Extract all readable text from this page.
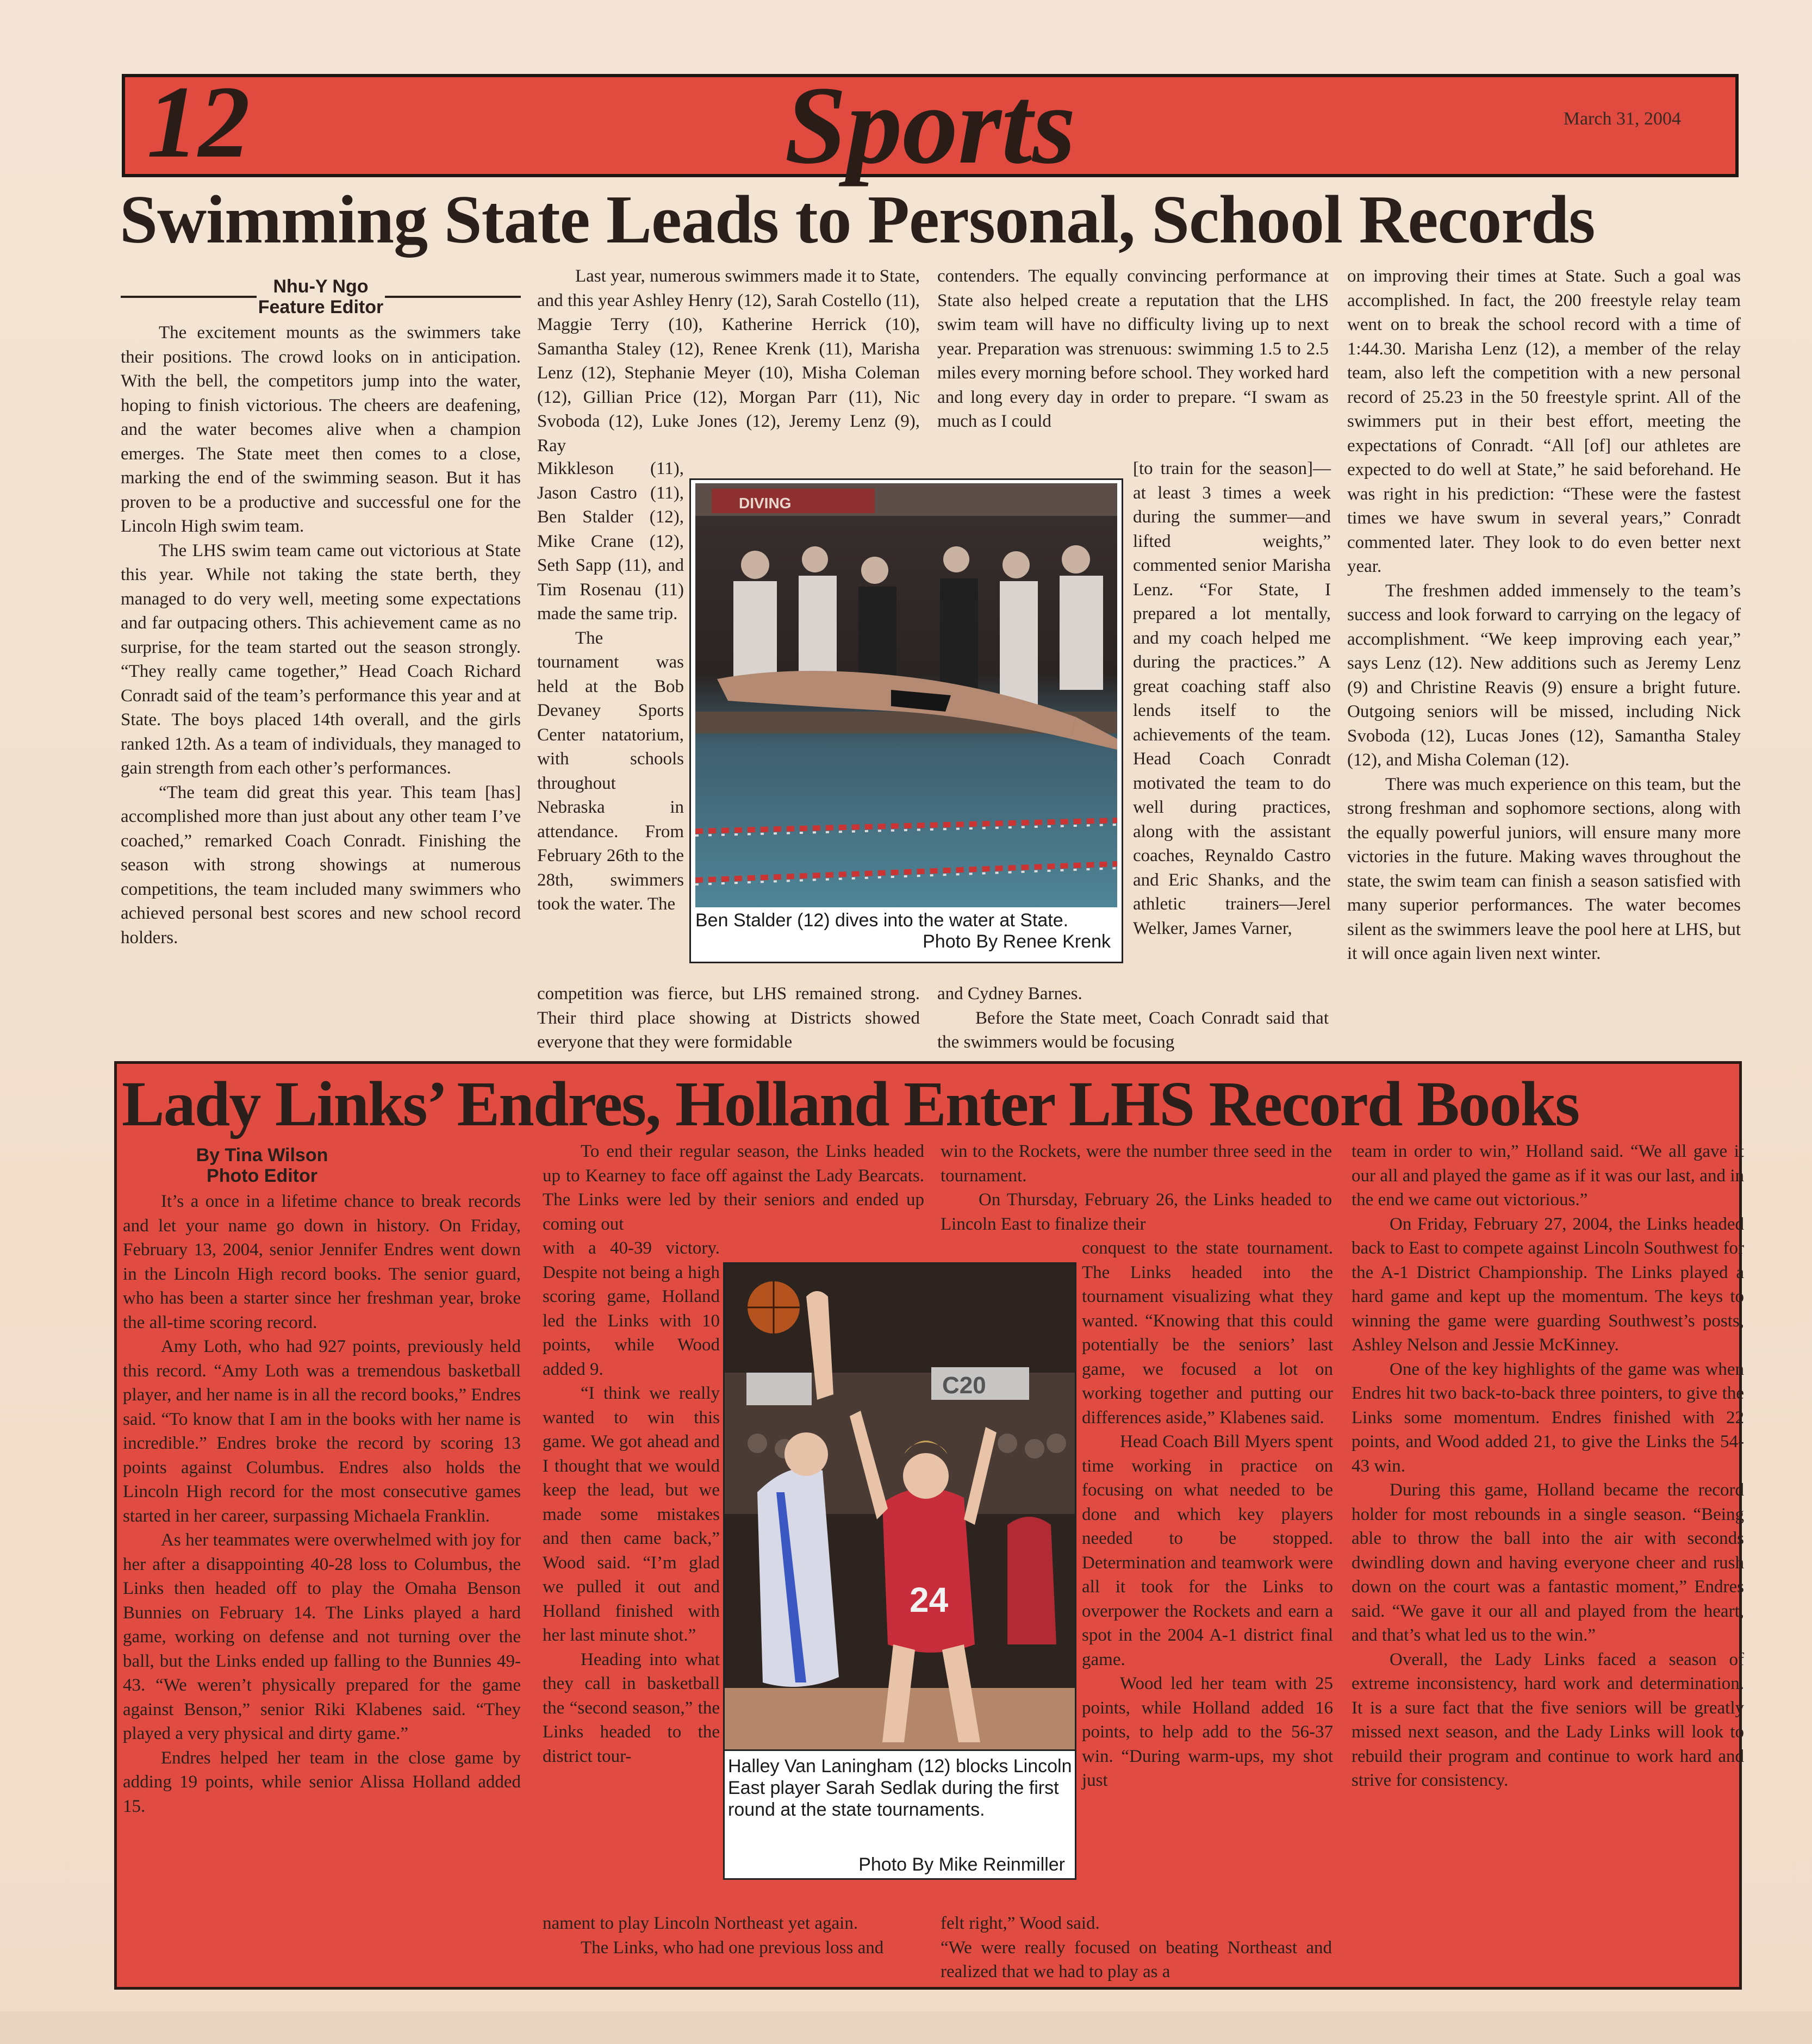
12	Sports	March 31, 2004
Swimming State Leads to Personal, School Records
Nhu-Y Ngo
Feature Editor

The excitement mounts as the swimmers take their positions. The crowd looks on in anticipation. With the bell, the competitors jump into the water, hoping to finish victorious. The cheers are deafening, and the water becomes alive when a champion emerges. The State meet then comes to a close, marking the end of the swimming season. But it has proven to be a productive and successful one for the Lincoln High swim team.

The LHS swim team came out victorious at State this year. While not taking the state berth, they managed to do very well, meeting some expectations and far outpacing others. This achievement came as no surprise, for the team started out the season strongly. “They really came together,” Head Coach Richard Conradt said of the team’s performance this year and at State. The boys placed 14th overall, and the girls ranked 12th. As a team of individuals, they managed to gain strength from each other’s performances.

“The team did great this year. This team [has] accomplished more than just about any other team I’ve coached,” remarked Coach Conradt. Finishing the season with strong showings at numerous competitions, the team included many swimmers who achieved personal best scores and new school record holders.

Last year, numerous swimmers made it to State, and this year Ashley Henry (12), Sarah Costello (11), Maggie Terry (10), Katherine Herrick (10), Samantha Staley (12), Renee Krenk (11), Marisha Lenz (12), Stephanie Meyer (10), Misha Coleman (12), Gillian Price (12), Morgan Parr (11), Nic Svoboda (12), Luke Jones (12), Jeremy Lenz (9), Ray

Mikkleson (11), Jason Castro (11), Ben Stalder (12), Mike Crane (12), Seth Sapp (11), and Tim Rosenau (11) made the same trip.

The tournament was held at the Bob Devaney Sports Center natatorium, with schools throughout Nebraska in attendance. From February 26th to the 28th, swimmers took the water. The

competition was fierce, but LHS remained strong. Their third place showing at Districts showed everyone that they were formidable

contenders. The equally convincing performance at State also helped create a reputation that the LHS swim team will have no difficulty living up to next year. Preparation was strenuous: swimming 1.5 to 2.5 miles every morning before school. They worked hard and long every day in order to prepare. “I swam as much as I could

[to train for the season]—at least 3 times a week during the summer—and lifted weights,” commented senior Marisha Lenz. “For State, I prepared a lot mentally, and my coach helped me during the practices.” A great coaching staff also lends itself to the achievements of the team. Head Coach Conradt motivated the team to do well during practices, along with the assistant coaches, Reynaldo Castro and Eric Shanks, and the athletic trainers—Jerel Welker, James Varner,

and Cydney Barnes.

Before the State meet, Coach Conradt said that the swimmers would be focusing

on improving their times at State. Such a goal was accomplished. In fact, the 200 freestyle relay team went on to break the school record with a time of 1:44.30. Marisha Lenz (12), a member of the relay team, also left the competition with a new personal record of 25.23 in the 50 freestyle sprint. All of the swimmers put in their best effort, meeting the expectations of Conradt. “All [of] our athletes are expected to do well at State,” he said beforehand. He was right in his prediction: “These were the fastest times we have swum in several years,” Conradt commented later. They look to do even better next year.

The freshmen added immensely to the team’s success and look forward to carrying on the legacy of accomplishment. “We keep improving each year,” says Lenz (12). New additions such as Jeremy Lenz (9) and Christine Reavis (9) ensure a bright future. Outgoing seniors will be missed, including Nick Svoboda (12), Lucas Jones (12), Samantha Staley (12), and Misha Coleman (12).

There was much experience on this team, but the strong freshman and sophomore sections, along with the equally powerful juniors, will ensure many more victories in the future. Making waves throughout the state, the swim team can finish a season satisfied with many superior performances. The water becomes silent as the swimmers leave the pool here at LHS, but it will once again liven next winter.

DIVING
Ben Stalder (12) dives into the water at State.
Photo By Renee Krenk
Lady Links’ Endres, Holland Enter LHS Record Books
By Tina Wilson
Photo Editor

It’s a once in a lifetime chance to break records and let your name go down in history. On Friday, February 13, 2004, senior Jennifer Endres went down in the Lincoln High record books. The senior guard, who has been a starter since her freshman year, broke the all-time scoring record.

Amy Loth, who had 927 points, previously held this record. “Amy Loth was a tremendous basketball player, and her name is in all the record books,” Endres said. “To know that I am in the books with her name is incredible.” Endres broke the record by scoring 13 points against Columbus. Endres also holds the Lincoln High record for the most consecutive games started in her career, surpassing Michaela Franklin.

As her teammates were overwhelmed with joy for her after a disappointing 40-28 loss to Columbus, the Links then headed off to play the Omaha Benson Bunnies on February 14. The Links played a hard game, working on defense and not turning over the ball, but the Links ended up falling to the Bunnies 49-43. “We weren’t physically prepared for the game against Benson,” senior Riki Klabenes said. “They played a very physical and dirty game.”

Endres helped her team in the close game by adding 19 points, while senior Alissa Holland added 15.

To end their regular season, the Links headed up to Kearney to face off against the Lady Bearcats. The Links were led by their seniors and ended up coming out

with a 40-39 victory. Despite not being a high scoring game, Holland led the Links with 10 points, while Wood added 9.

“I think we really wanted to win this game. We got ahead and I thought that we would keep the lead, but we made some mistakes and then came back,” Wood said. “I’m glad we pulled it out and Holland finished with her last minute shot.”

Heading into what they call in basketball the “second season,” the Links headed to the district tour-

nament to play Lincoln Northeast yet again.

The Links, who had one previous loss and

win to the Rockets, were the number three seed in the tournament.

On Thursday, February 26, the Links headed to Lincoln East to finalize their

conquest to the state tournament. The Links headed into the tournament visualizing what they wanted. “Knowing that this could potentially be the seniors’ last game, we focused a lot on working together and putting our differences aside,” Klabenes said.

Head Coach Bill Myers spent time working in practice on focusing on what needed to be done and which key players needed to be stopped. Determination and teamwork were all it took for the Links to overpower the Rockets and earn a spot in the 2004 A-1 district final game.

Wood led her team with 25 points, while Holland added 16 points, to help add to the 56-37 win. “During warm-ups, my shot just

felt right,” Wood said.

“We were really focused on beating Northeast and realized that we had to play as a

team in order to win,” Holland said. “We all gave it our all and played the game as if it was our last, and in the end we came out victorious.”

On Friday, February 27, 2004, the Links headed back to East to compete against Lincoln Southwest for the A-1 District Championship. The Links played a hard game and kept up the momentum. The keys to winning the game were guarding Southwest’s posts, Ashley Nelson and Jessie McKinney.

One of the key highlights of the game was when Endres hit two back-to-back three pointers, to give the Links some momentum. Endres finished with 22 points, and Wood added 21, to give the Links the 54-43 win.

During this game, Holland became the record holder for most rebounds in a single season. “Being able to throw the ball into the air with seconds dwindling down and having everyone cheer and rush down on the court was a fantastic moment,” Endres said. “We gave it our all and played from the heart, and that’s what led us to the win.”

Overall, the Lady Links faced a season of extreme inconsistency, hard work and determination. It is a sure fact that the five seniors will be greatly missed next season, and the Lady Links will look to rebuild their program and continue to work hard and strive for consistency.

C20
24
Halley Van Laningham (12) blocks Lincoln East player Sarah Sedlak during the first round at the state tournaments.
Photo By Mike Reinmiller
